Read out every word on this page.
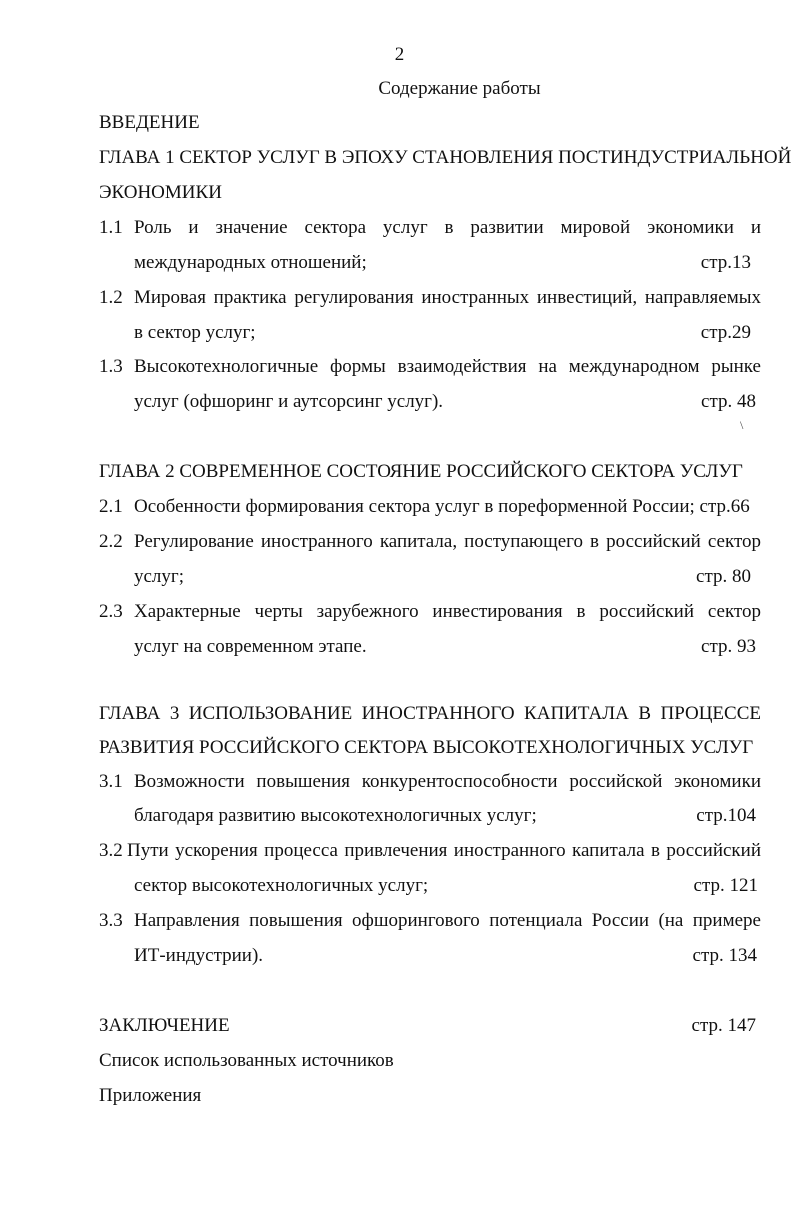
2
Содержание работы
ВВЕДЕНИЕ
ГЛАВА 1 СЕКТОР УСЛУГ В ЭПОХУ СТАНОВЛЕНИЯ ПОСТИНДУСТРИАЛЬНОЙ
ЭКОНОМИКИ
1.1 Роль и значение сектора услуг в развитии мировой экономики и
международных отношений;	стр.13
1.2 Мировая практика регулирования иностранных инвестиций, направляемых
в сектор услуг;	стр.29
1.3 Высокотехнологичные формы взаимодействия на международном рынке
услуг (офшоринг и аутсорсинг услуг).	стр. 48
\
ГЛАВА 2 СОВРЕМЕННОЕ СОСТОЯНИЕ РОССИЙСКОГО СЕКТОРА УСЛУГ
2.1 Особенности формирования сектора услуг в пореформенной России; стр.66
2.2 Регулирование иностранного капитала, поступающего в российский сектор
услуг;	стр. 80
2.3 Характерные черты зарубежного инвестирования в российский сектор
услуг на современном этапе.	стр. 93
ГЛАВА 3 ИСПОЛЬЗОВАНИЕ ИНОСТРАННОГО КАПИТАЛА В ПРОЦЕССЕ
РАЗВИТИЯ РОССИЙСКОГО СЕКТОРА ВЫСОКОТЕХНОЛОГИЧНЫХ УСЛУГ
3.1 Возможности повышения конкурентоспособности российской экономики
благодаря развитию высокотехнологичных услуг;	стр.104
3.2 Пути ускорения процесса привлечения иностранного капитала в российский
сектор высокотехнологичных услуг;	стр. 121
3.3 Направления повышения офшорингового потенциала России (на примере
ИТ-индустрии).	стр. 134
ЗАКЛЮЧЕНИЕ	стр. 147
Список использованных источников
Приложения
